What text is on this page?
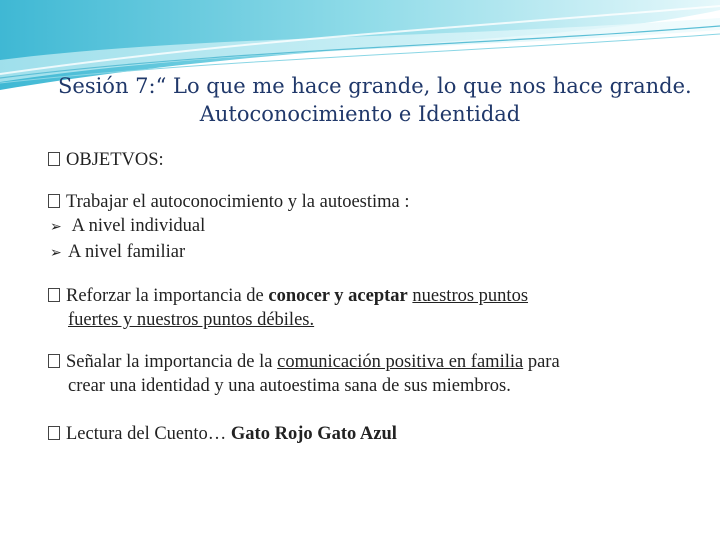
Sesión 7:“ Lo que me hace grande, lo que nos hace grande.
Autoconocimiento e Identidad
OBJETVOS:
Trabajar el autoconocimiento y la autoestima :
➢ A nivel individual
➢ A nivel familiar
Reforzar la importancia de conocer y aceptar nuestros puntos
fuertes y nuestros puntos débiles.
Señalar la importancia de la comunicación positiva en familia para
crear una identidad y una autoestima sana de sus miembros.
Lectura del Cuento… Gato Rojo Gato Azul
